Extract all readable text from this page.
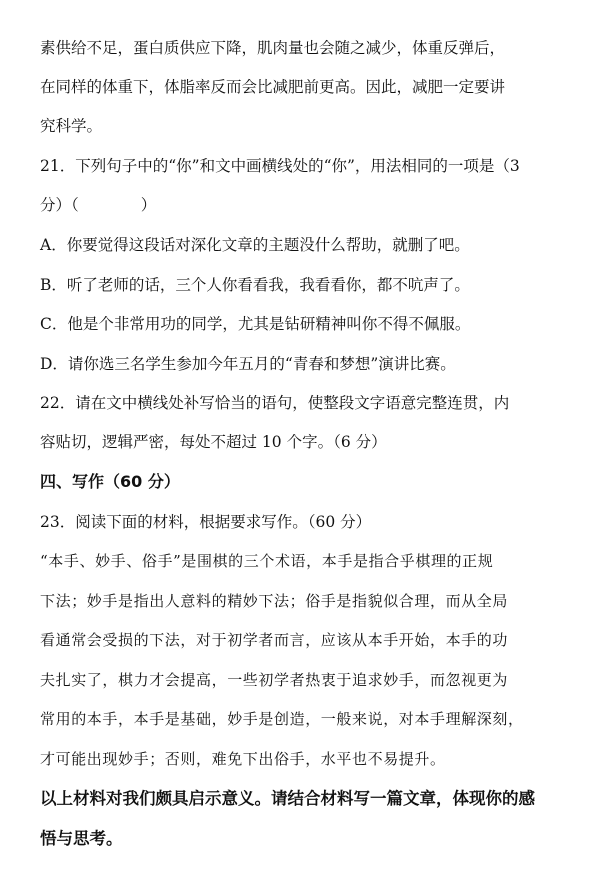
素供给不足，蛋白质供应下降，肌肉量也会随之减少，体重反弹后，
在同样的体重下，体脂率反而会比减肥前更高。因此，减肥一定要讲
究科学。
21．下列句子中的“你”和文中画横线处的“你”，用法相同的一项是（3
分）（　　　　）
A．你要觉得这段话对深化文章的主题没什么帮助，就删了吧。
B．听了老师的话，三个人你看看我，我看看你，都不吭声了。
C．他是个非常用功的同学，尤其是钻研精神叫你不得不佩服。
D．请你选三名学生参加今年五月的“青春和梦想”演讲比赛。
22．请在文中横线处补写恰当的语句，使整段文字语意完整连贯，内
容贴切，逻辑严密，每处不超过 10 个字。（6 分）
四、写作（60 分）
23．阅读下面的材料，根据要求写作。（60 分）
“本手、妙手、俗手”是围棋的三个术语，本手是指合乎棋理的正规
下法；妙手是指出人意料的精妙下法；俗手是指貌似合理，而从全局
看通常会受损的下法，对于初学者而言，应该从本手开始，本手的功
夫扎实了，棋力才会提高，一些初学者热衷于追求妙手，而忽视更为
常用的本手，本手是基础，妙手是创造，一般来说，对本手理解深刻，
才可能出现妙手；否则，难免下出俗手，水平也不易提升。
以上材料对我们颇具启示意义。请结合材料写一篇文章，体现你的感
悟与思考。
